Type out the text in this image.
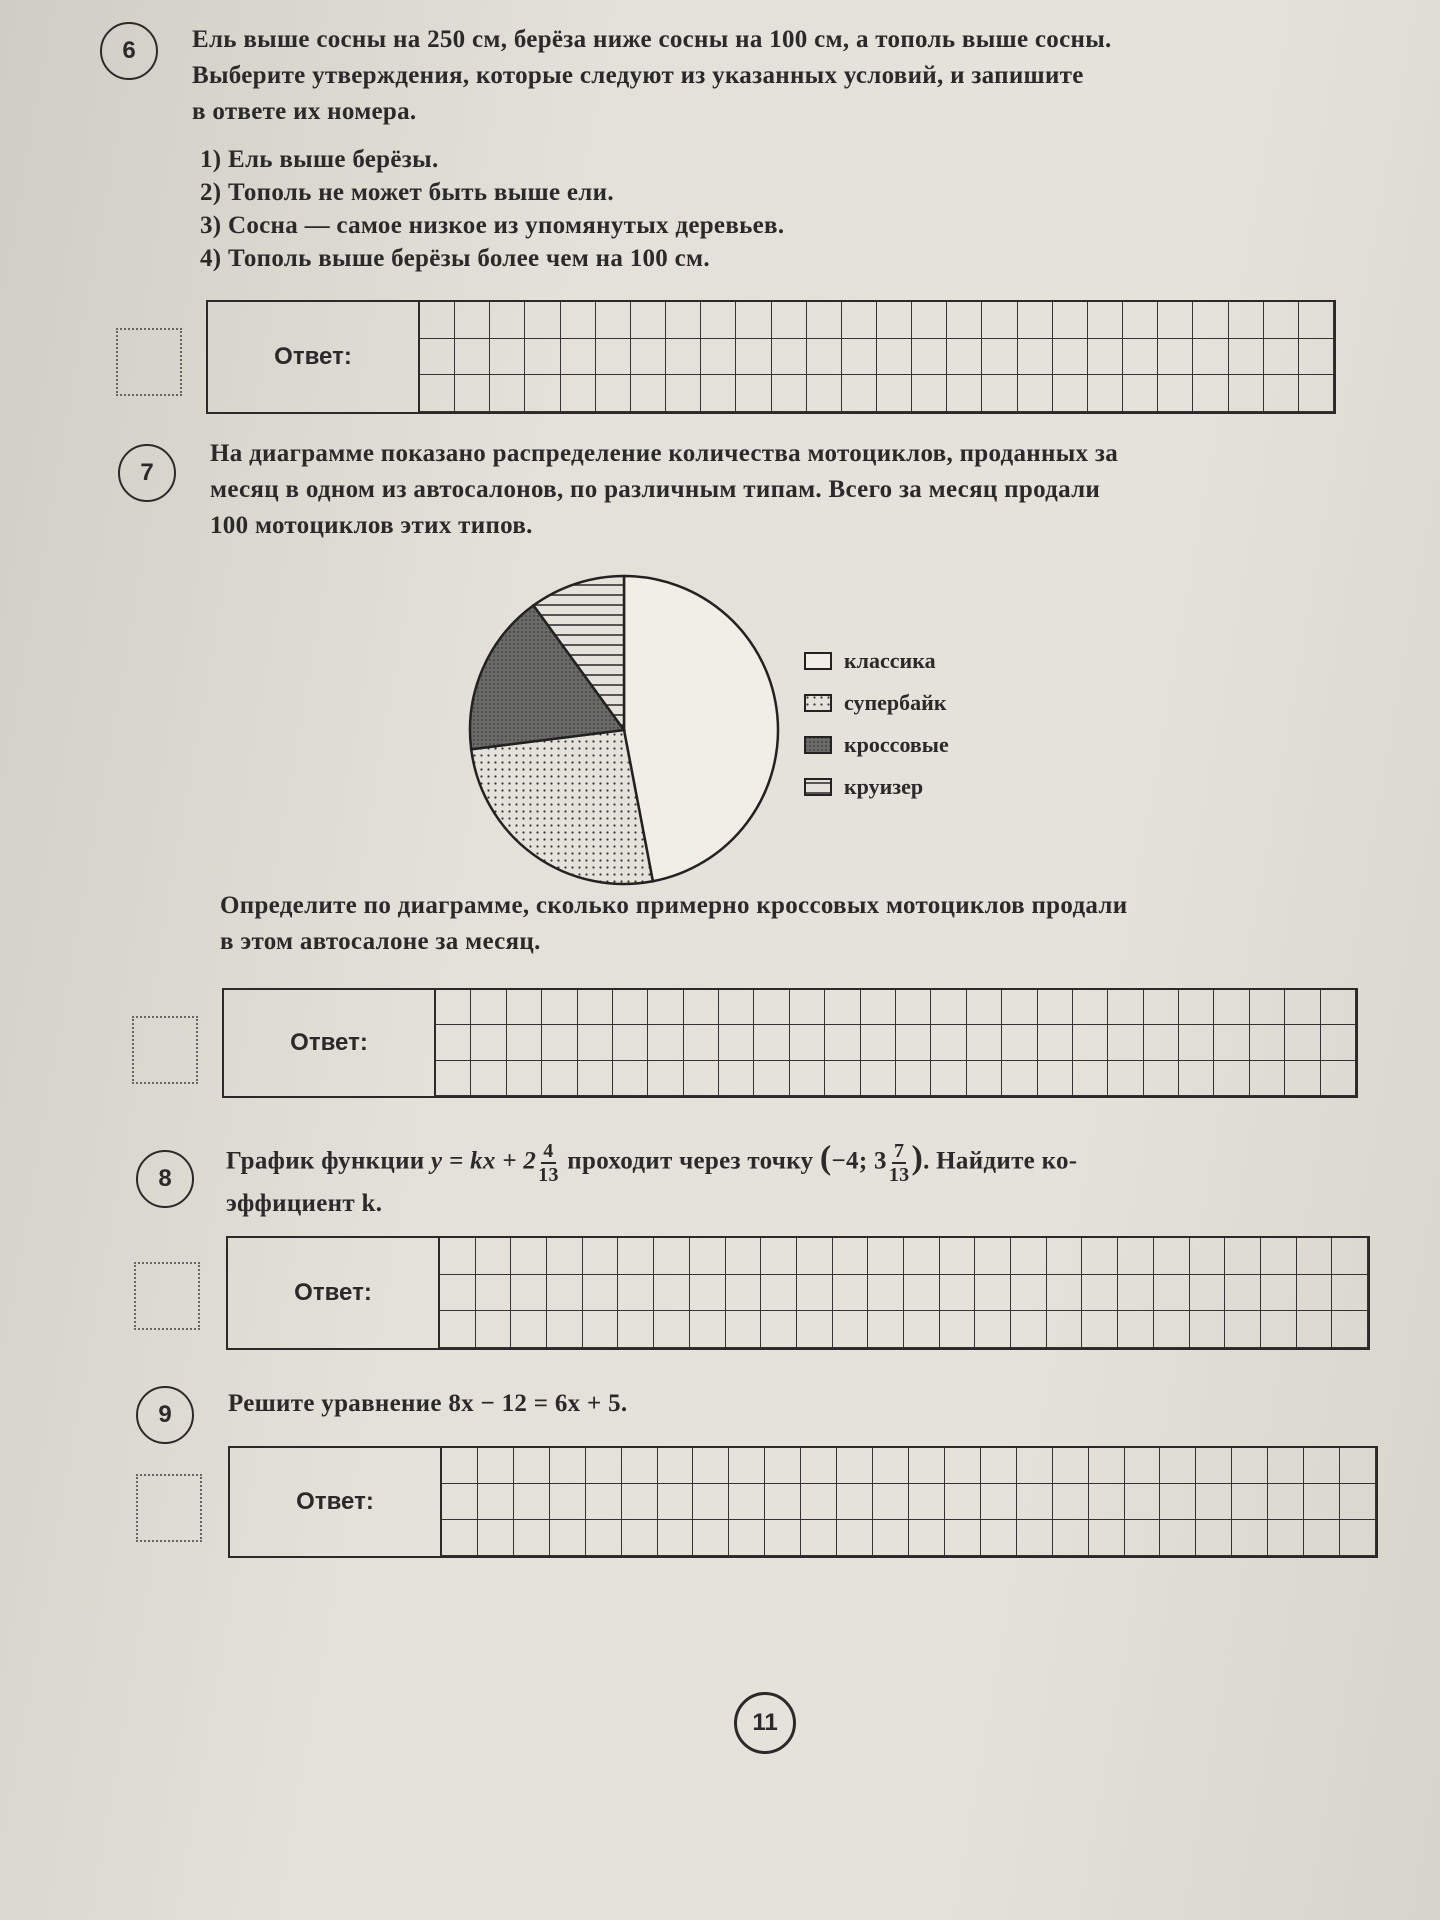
6	Ель выше сосны на 250 см, берёза ниже сосны на 100 см, а тополь выше сосны.

Выберите утверждения, которые следуют из указанных условий, и запишите

в ответе их номера.

1) Ель выше берёзы.
2) Тополь не может быть выше ели.
3) Сосна — самое низкое из упомянутых деревьев.
4) Тополь выше берёзы более чем на 100 см.
Ответ:
7

На диаграмме показано распределение количества мотоциклов, проданных за

месяц в одном из автосалонов, по различным типам. Всего за месяц продали

100 мотоциклов этих типов.

классика
супербайк
кроссовые
круизер

Определите по диаграмме, сколько примерно кроссовых мотоциклов продали

в этом автосалоне за месяц.

Ответ:
8

График функции y = kx + $2 \frac{4}{13}$ проходит через точку (−4; $3 \frac{7}{13}$ ). Найдите ко-

эффициент k.

Ответ:
9	Решите уравнение 8x − 12 = 6x + 5.
Ответ:
11
